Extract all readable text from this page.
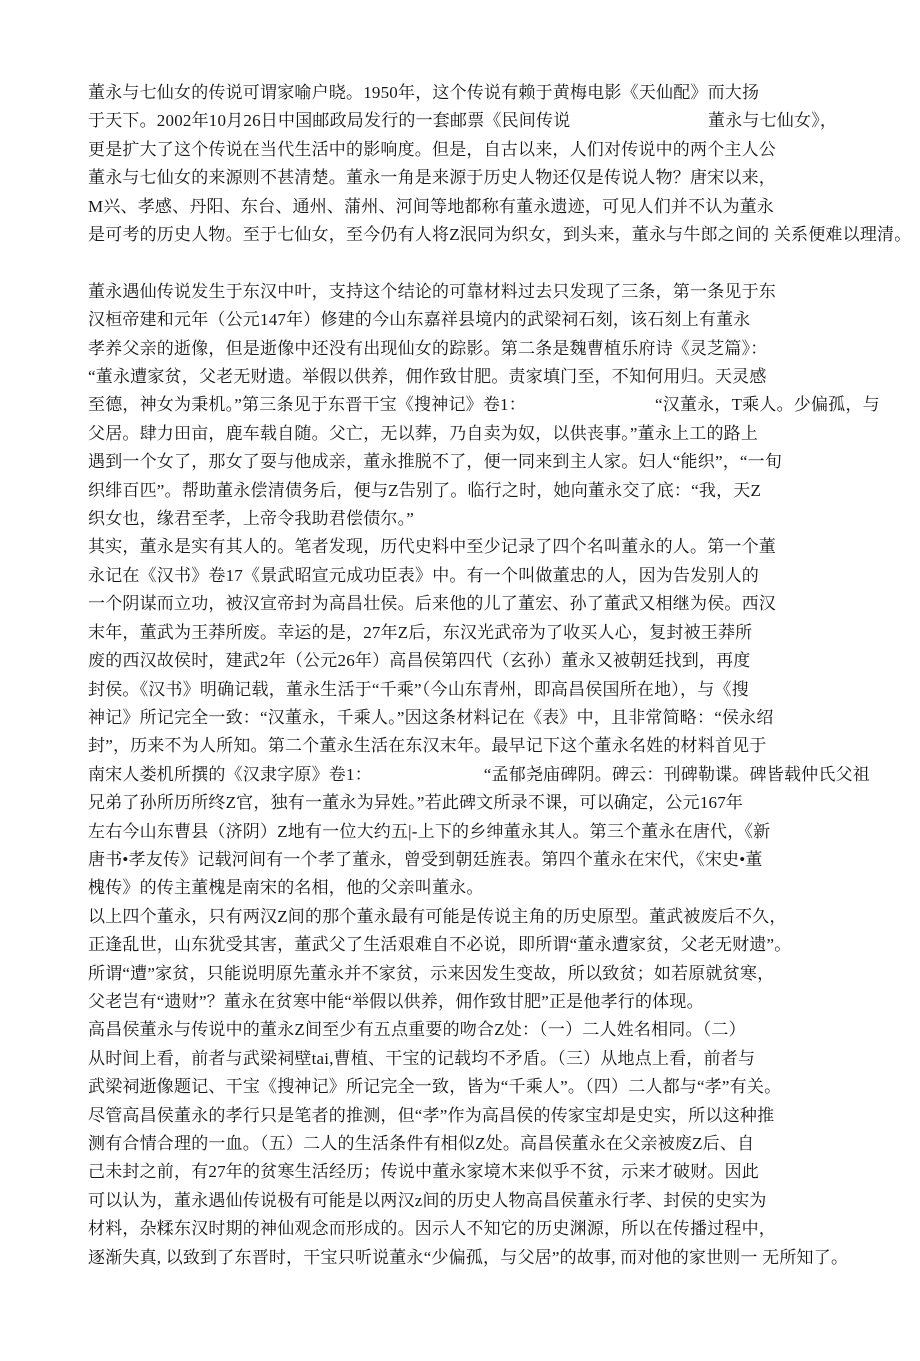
董永与七仙女的传说可谓家喻户晓。1950年，这个传说有赖于黄梅电影《天仙配》而大扬
于天下。2002年10月26日中国邮政局发行的一套邮票《民间传说　　　　　　　　董永与七仙女》，
更是扩大了这个传说在当代生活中的影响度。但是，自古以来，人们对传说中的两个主人公
董永与七仙女的来源则不甚清楚。董永一角是来源于历史人物还仅是传说人物？唐宋以来，
M兴、孝感、丹阳、东台、通州、蒲州、河间等地都称有董永遗迹，可见人们并不认为董永
是可考的历史人物。至于七仙女，至今仍有人将Z泯同为织女，到头来，董永与牛郎之间的 关系便难以理清。
董永遇仙传说发生于东汉中叶，支持这个结论的可靠材料过去只发现了三条，第一条见于东
汉桓帝建和元年（公元147年）修建的今山东嘉祥县境内的武梁祠石刻，该石刻上有董永
孝养父亲的逝像，但是逝像中还没有出现仙女的踪影。第二条是魏曹植乐府诗《灵芝篇》：
“董永遭家贫，父老无财遗。举假以供养，佣作致甘肥。责家填门至，不知何用归。天灵感
至德，神女为秉机。”第三条见于东晋干宝《搜神记》卷1：　　　　　　　　“汉董永，T乘人。少偏孤，与
父居。肆力田亩，鹿车载自随。父亡，无以葬，乃自卖为奴，以供丧事。”董永上工的路上
遇到一个女了，那女了耍与他成亲，董永推脱不了，便一同来到主人家。妇人“能织”，“一旬
织绯百匹”。帮助董永偿清债务后，便与Z告别了。临行之时，她向董永交了底：“我，天Z
织女也，缘君至孝，上帝令我助君偿债尔。”
其实，董永是实有其人的。笔者发现，历代史料中至少记录了四个名叫董永的人。第一个董
永记在《汉书》卷17《景武昭宣元成功臣表》中。有一个叫做董忠的人，因为告发别人的
一个阴谋而立功，被汉宣帝封为高昌壮侯。后来他的儿了董宏、孙了董武又相继为侯。西汉
末年，董武为王莽所废。幸运的是，27年Z后，东汉光武帝为了收买人心，复封被王莽所
废的西汉故侯时，建武2年（公元26年）高昌侯第四代（玄孙）董永又被朝廷找到，再度
封侯。《汉书》明确记载，董永生活于“千乘”（今山东青州，即高昌侯国所在地），与《搜
神记》所记完全一致：“汉董永，千乘人。”因这条材料记在《表》中，且非常简略：“侯永绍
封”，历来不为人所知。第二个董永生活在东汉末年。最早记下这个董永名姓的材料首见于
南宋人娄机所撰的《汉隶字原》卷1：　　　　　　　“孟郁尧庙碑阴。碑云：刊碑勒谍。碑皆载仲氏父祖
兄弟了孙所历所终Z官，独有一董永为异姓。”若此碑文所录不课，可以确定，公元167年
左右今山东曹县（济阴）Z地有一位大约五|-上下的乡绅董永其人。第三个董永在唐代，《新
唐书•孝友传》记载河间有一个孝了董永，曾受到朝廷旌表。第四个董永在宋代，《宋史•董
槐传》的传主董槐是南宋的名相，他的父亲叫董永。
以上四个董永，只有两汉Z间的那个董永最有可能是传说主角的历史原型。董武被废后不久，
正逢乱世，山东犹受其害，董武父了生活艰难自不必说，即所谓“董永遭家贫，父老无财遗”。
所谓“遭”家贫，只能说明原先董永并不家贫，示来因发生变故，所以致贫；如若原就贫寒，
父老岂有“遗财”？董永在贫寒中能“举假以供养，佣作致甘肥”正是他孝行的体现。
高昌侯董永与传说中的董永Z间至少有五点重要的吻合Z处：（一）二人姓名相同。（二）
从时间上看，前者与武梁祠壁tai,曹植、干宝的记载均不矛盾。（三）从地点上看，前者与
武梁祠逝像题记、干宝《搜神记》所记完全一致，皆为“千乘人”。（四）二人都与“孝”有关。
尽管高昌侯董永的孝行只是笔者的推测，但“孝”作为高昌侯的传家宝却是史实，所以这种推
测有合情合理的一血。（五）二人的生活条件有相似Z处。高昌侯董永在父亲被废Z后、自
己未封之前，有27年的贫寒生活经历；传说中董永家境木来似乎不贫，示来才破财。因此
可以认为，董永遇仙传说极有可能是以两汉z间的历史人物高昌侯董永行孝、封侯的史实为
材料，杂糅东汉时期的神仙观念而形成的。因示人不知它的历史渊源，所以在传播过程中，
逐渐失真, 以致到了东晋时，干宝只听说董永“少偏孤，与父居”的故事, 而对他的家世则一 无所知了。
